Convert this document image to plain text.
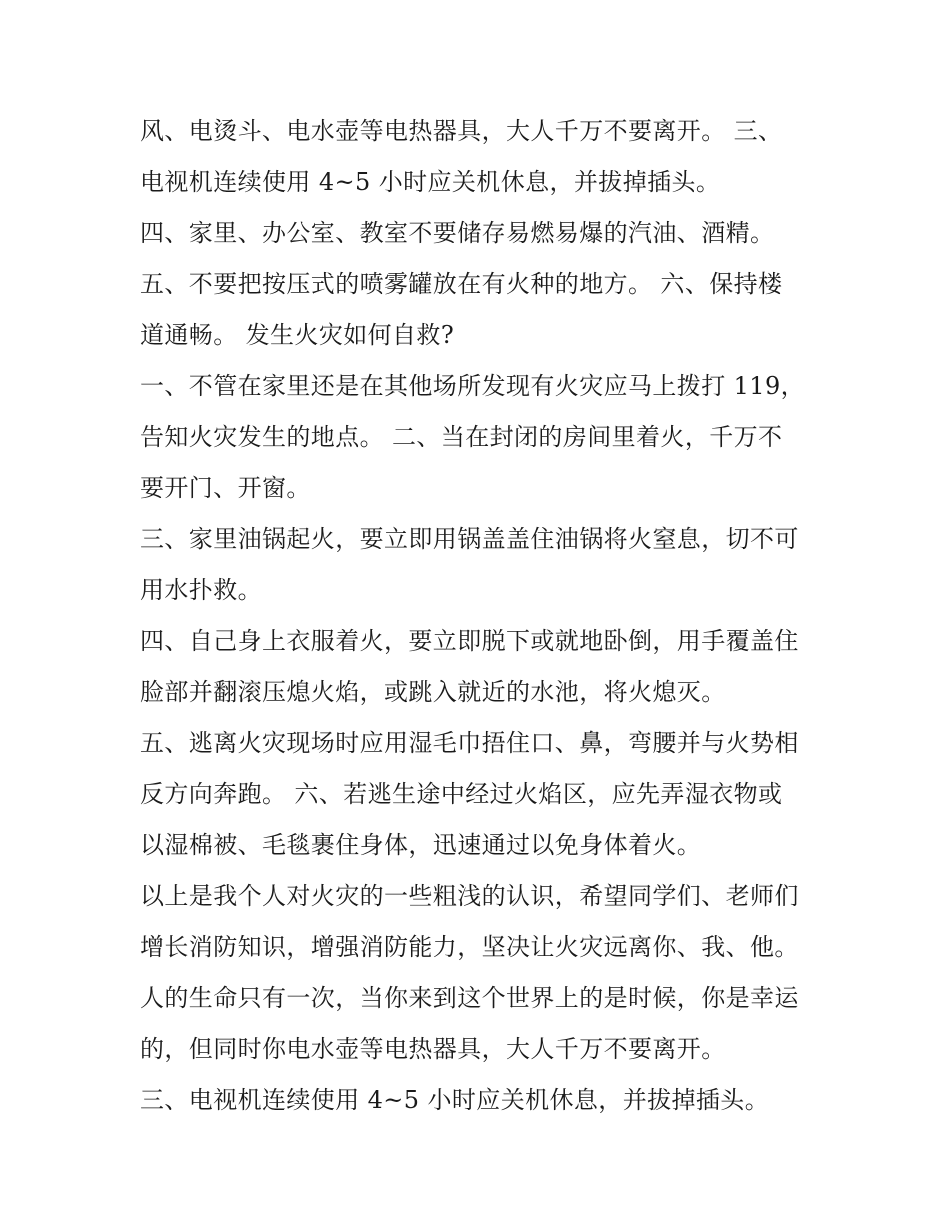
风、电烫斗、电水壶等电热器具，大人千万不要离开。 三、
电视机连续使用 4~5 小时应关机休息，并拔掉插头。
四、家里、办公室、教室不要储存易燃易爆的汽油、酒精。
五、不要把按压式的喷雾罐放在有火种的地方。 六、保持楼
道通畅。 发生火灾如何自救?
一、不管在家里还是在其他场所发现有火灾应马上拨打 119，
告知火灾发生的地点。 二、当在封闭的房间里着火，千万不
要开门、开窗。
三、家里油锅起火，要立即用锅盖盖住油锅将火窒息，切不可
用水扑救。
四、自己身上衣服着火，要立即脱下或就地卧倒，用手覆盖住
脸部并翻滚压熄火焰，或跳入就近的水池，将火熄灭。
五、逃离火灾现场时应用湿毛巾捂住口、鼻，弯腰并与火势相
反方向奔跑。 六、若逃生途中经过火焰区，应先弄湿衣物或
以湿棉被、毛毯裹住身体，迅速通过以免身体着火。
以上是我个人对火灾的一些粗浅的认识，希望同学们、老师们
增长消防知识，增强消防能力，坚决让火灾远离你、我、他。
人的生命只有一次，当你来到这个世界上的是时候，你是幸运
的，但同时你电水壶等电热器具，大人千万不要离开。
三、电视机连续使用 4~5 小时应关机休息，并拔掉插头。
